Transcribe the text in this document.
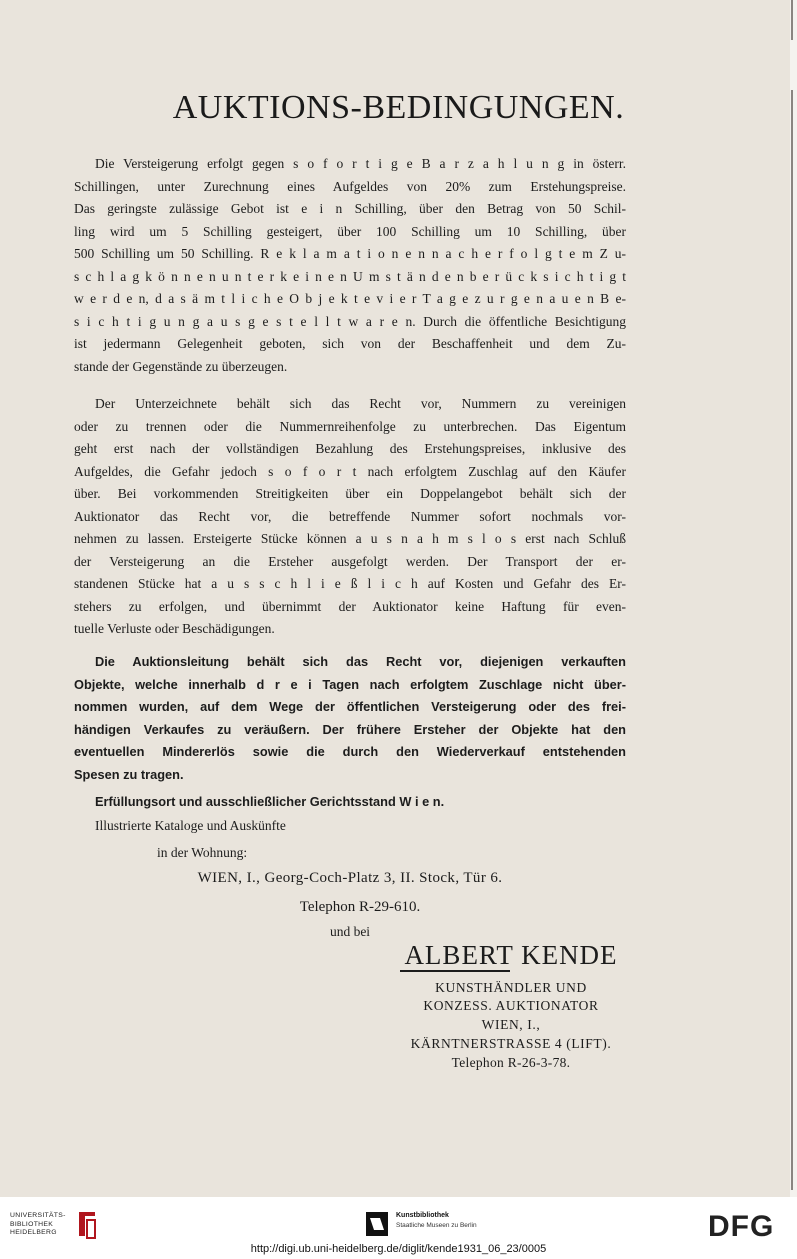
AUKTIONS-BEDINGUNGEN.
Die Versteigerung erfolgt gegen s o f o r t i g e B a r z a h l u n g in österr.
Schillingen, unter Zurechnung eines Aufgeldes von 20% zum Erstehungspreise.
Das geringste zulässige Gebot ist e i n Schilling, über den Betrag von 50 Schil-
ling wird um 5 Schilling gesteigert, über 100 Schilling um 10 Schilling, über
500 Schilling um 50 Schilling. R e k l a m a t i o n e n n a c h e r f o l g t e m Z u-
s c h l a g k ö n n e n u n t e r k e i n e n U m s t ä n d e n b e r ü c k s i c h t i g t
w e r d e n, d a s ä m t l i c h e O b j e k t e v i e r T a g e z u r g e n a u e n B e-
s i c h t i g u n g a u s g e s t e l l t w a r e n. Durch die öffentliche Besichtigung
ist jedermann Gelegenheit geboten, sich von der Beschaffenheit und dem Zu-
stande der Gegenstände zu überzeugen.
Der Unterzeichnete behält sich das Recht vor, Nummern zu vereinigen
oder zu trennen oder die Nummernreihenfolge zu unterbrechen. Das Eigentum
geht erst nach der vollständigen Bezahlung des Erstehungspreises, inklusive des
Aufgeldes, die Gefahr jedoch s o f o r t nach erfolgtem Zuschlag auf den Käufer
über. Bei vorkommenden Streitigkeiten über ein Doppelangebot behält sich der
Auktionator das Recht vor, die betreffende Nummer sofort nochmals vor-
nehmen zu lassen. Ersteigerte Stücke können a u s n a h m s l o s erst nach Schluß
der Versteigerung an die Ersteher ausgefolgt werden. Der Transport der er-
standenen Stücke hat a u s s c h l i e ß l i c h auf Kosten und Gefahr des Er-
stehers zu erfolgen, und übernimmt der Auktionator keine Haftung für even-
tuelle Verluste oder Beschädigungen.
Die Auktionsleitung behält sich das Recht vor, diejenigen verkauften
Objekte, welche innerhalb d r e i Tagen nach erfolgtem Zuschlage nicht über-
nommen wurden, auf dem Wege der öffentlichen Versteigerung oder des frei-
händigen Verkaufes zu veräußern. Der frühere Ersteher der Objekte hat den
eventuellen Mindererlös sowie die durch den Wiederverkauf entstehenden
Spesen zu tragen.
Erfüllungsort und ausschließlicher Gerichtsstand W i e n.
Illustrierte Kataloge und Auskünfte
in der Wohnung:
WIEN, I., Georg-Coch-Platz 3, II. Stock, Tür 6.
Telephon R-29-610.
und bei
ALBERT KENDE
KUNSTHÄNDLER UND
KONZESS. AUKTIONATOR
WIEN, I.,
KÄRNTNERSTRASSE 4 (LIFT).
Telephon R-26-3-78.
UNIVERSITÄTS-
BIBLIOTHEK
HEIDELBERG
Kunstbibliothek
Staatliche Museen zu Berlin	DFG
http://digi.ub.uni-heidelberg.de/diglit/kende1931_06_23/0005
